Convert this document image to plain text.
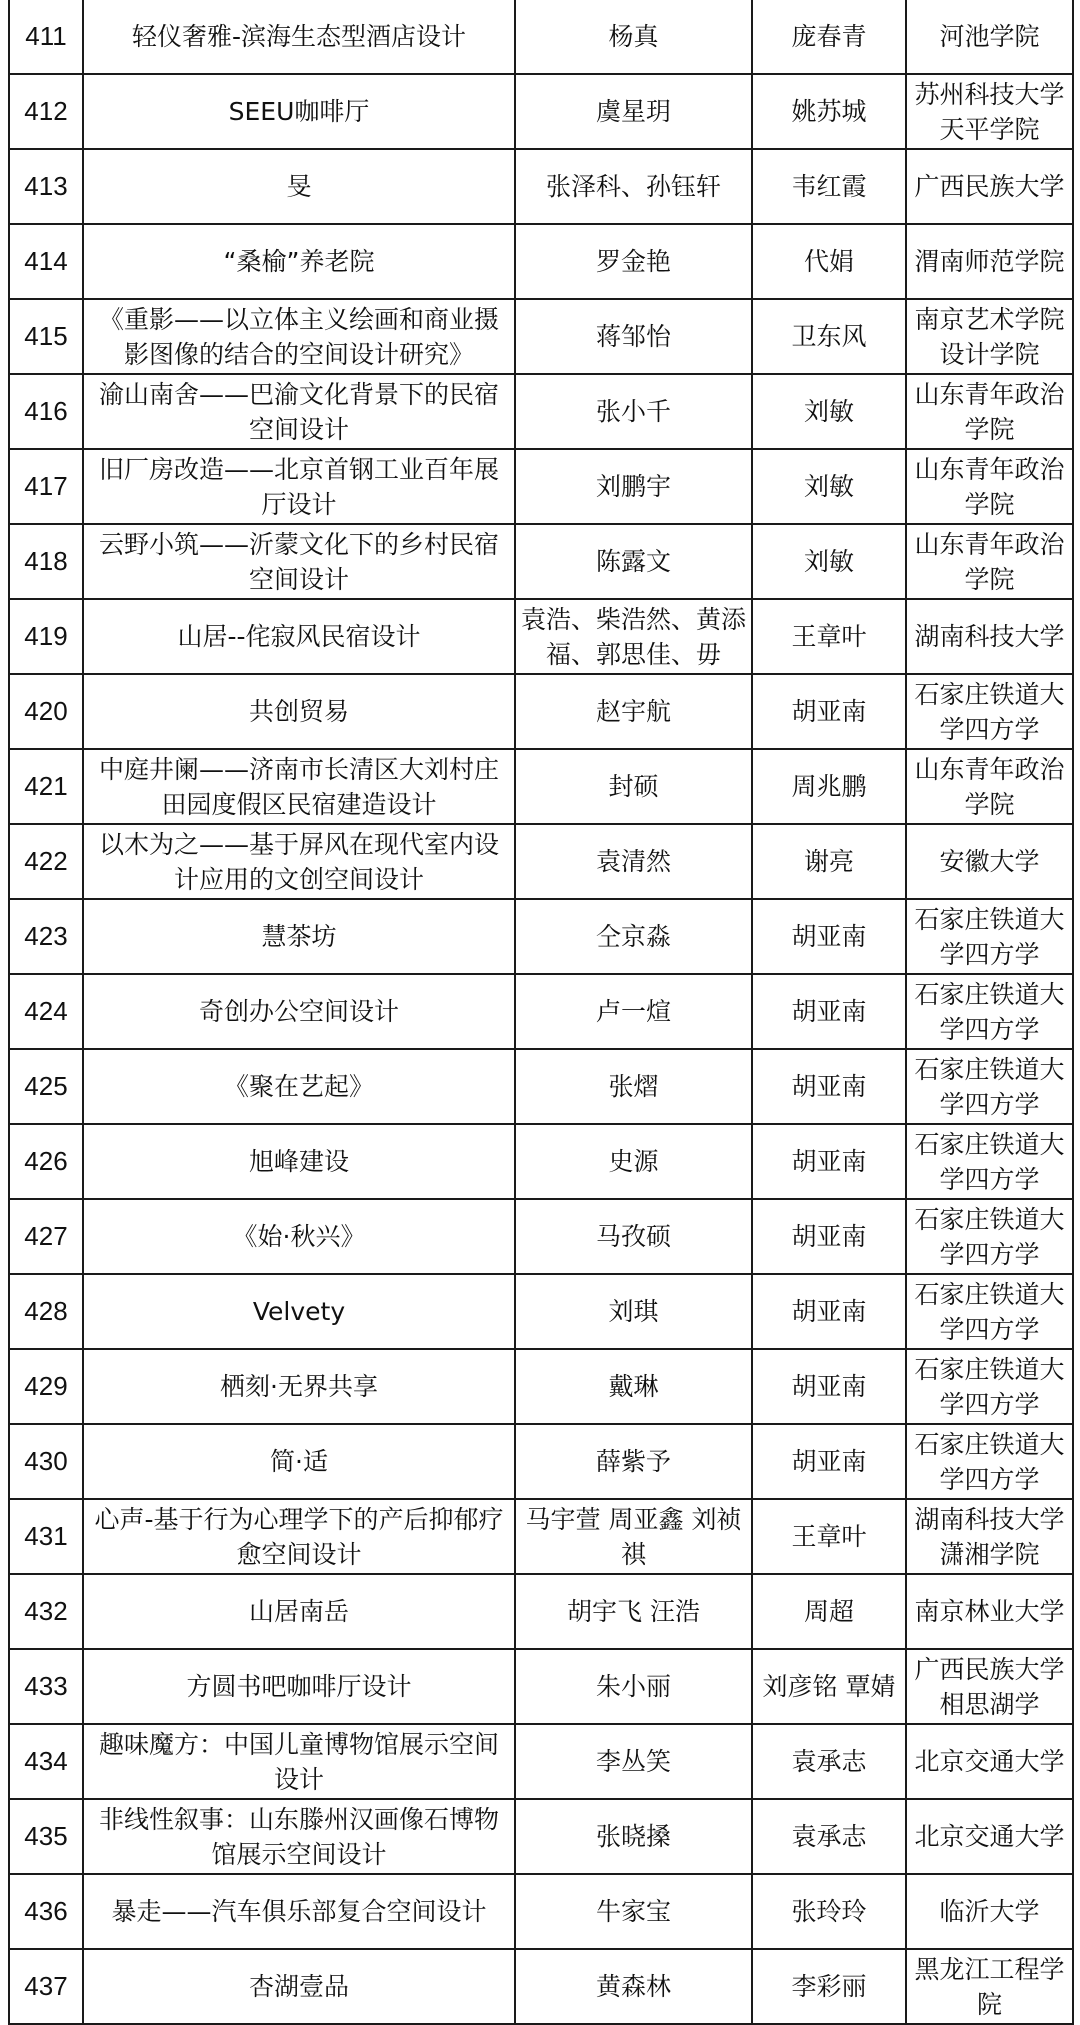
411	轻仪奢雅-滨海生态型酒店设计	杨真	庞春青	河池学院
412	SEEU咖啡厅	虞星玥	姚苏城	苏州科技大学天平学院
413	旻	张泽科、孙钰轩	韦红霞	广西民族大学
414	“桑榆”养老院	罗金艳	代娟	渭南师范学院
415	《重影——以立体主义绘画和商业摄影图像的结合的空间设计研究》	蒋邹怡	卫东风	南京艺术学院设计学院
416	渝山南舍——巴渝文化背景下的民宿空间设计	张小千	刘敏	山东青年政治学院
417	旧厂房改造——北京首钢工业百年展厅设计	刘鹏宇	刘敏	山东青年政治学院
418	云野小筑——沂蒙文化下的乡村民宿空间设计	陈露文	刘敏	山东青年政治学院
419	山居--侘寂风民宿设计	袁浩、柴浩然、黄添福、郭思佳、毋	王章叶	湖南科技大学
420	共创贸易	赵宇航	胡亚南	石家庄铁道大学四方学
421	中庭井阑——济南市长清区大刘村庄田园度假区民宿建造设计	封硕	周兆鹏	山东青年政治学院
422	以木为之——基于屏风在现代室内设计应用的文创空间设计	袁清然	谢亮	安徽大学
423	慧茶坊	仝京淼	胡亚南	石家庄铁道大学四方学
424	奇创办公空间设计	卢一煊	胡亚南	石家庄铁道大学四方学
425	《聚在艺起》	张熠	胡亚南	石家庄铁道大学四方学
426	旭峰建设	史源	胡亚南	石家庄铁道大学四方学
427	《始·秋兴》	马孜硕	胡亚南	石家庄铁道大学四方学
428	Velvety	刘琪	胡亚南	石家庄铁道大学四方学
429	栖刻·无界共享	戴琳	胡亚南	石家庄铁道大学四方学
430	简·适	薛紫予	胡亚南	石家庄铁道大学四方学
431	心声-基于行为心理学下的产后抑郁疗愈空间设计	马宇萱 周亚鑫 刘祯祺	王章叶	湖南科技大学潇湘学院
432	山居南岳	胡宇飞 汪浩	周超	南京林业大学
433	方圆书吧咖啡厅设计	朱小丽	刘彦铭 覃婧	广西民族大学相思湖学
434	趣味魔方：中国儿童博物馆展示空间设计	李丛笑	袁承志	北京交通大学
435	非线性叙事：山东滕州汉画像石博物馆展示空间设计	张晓搡	袁承志	北京交通大学
436	暴走——汽车俱乐部复合空间设计	牛家宝	张玲玲	临沂大学
437	杏湖壹品	黄森林	李彩丽	黑龙江工程学院
